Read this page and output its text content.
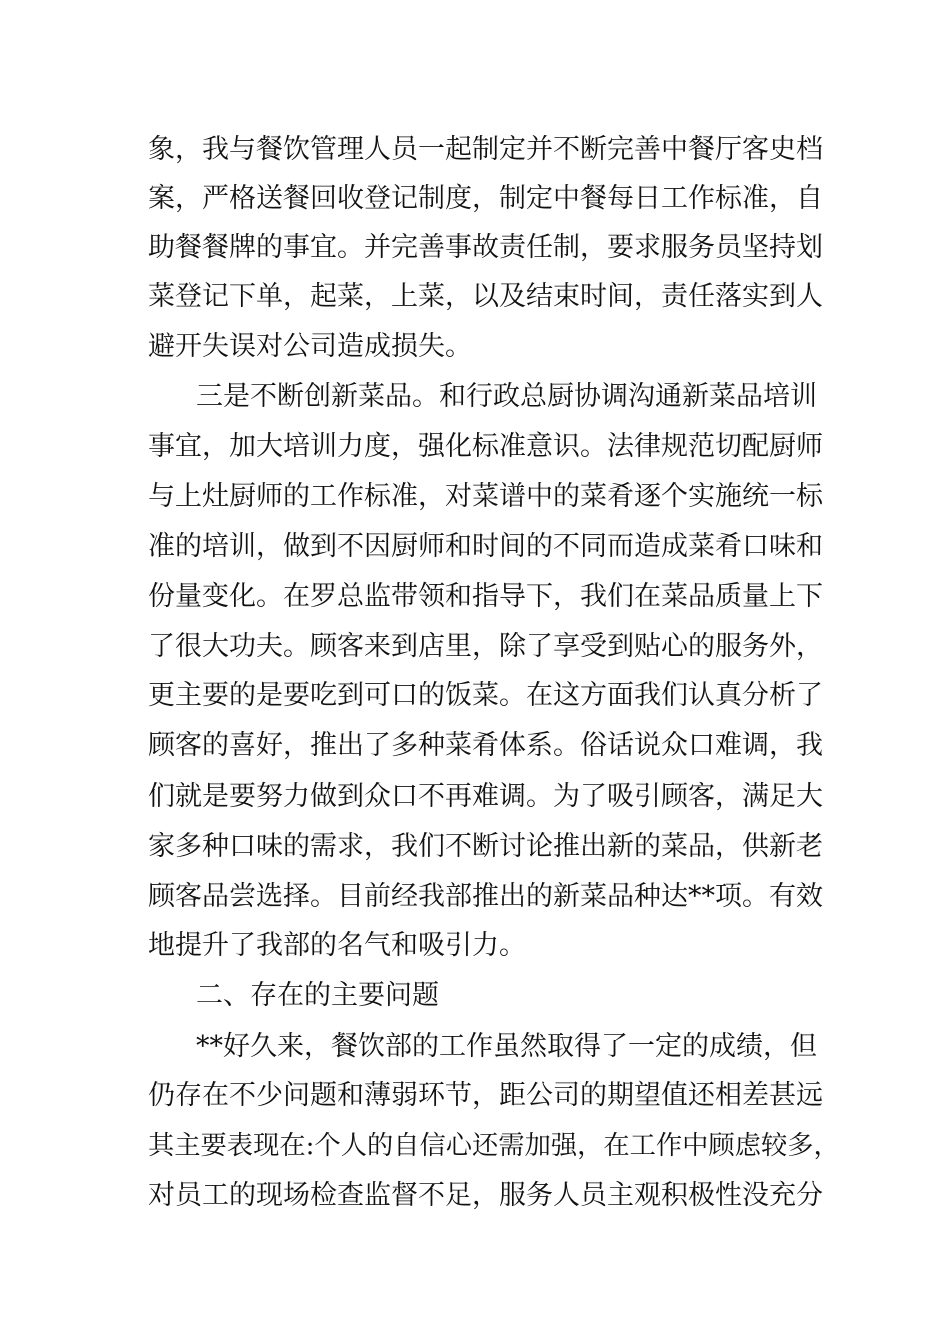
象，我与餐饮管理人员一起制定并不断完善中餐厅客史档

案，严格送餐回收登记制度，制定中餐每日工作标准，自

助餐餐牌的事宜。并完善事故责任制，要求服务员坚持划

菜登记下单，起菜，上菜，以及结束时间，责任落实到人

避开失误对公司造成损失。

三是不断创新菜品。和行政总厨协调沟通新菜品培训

事宜，加大培训力度，强化标准意识。法律规范切配厨师

与上灶厨师的工作标准，对菜谱中的菜肴逐个实施统一标

准的培训，做到不因厨师和时间的不同而造成菜肴口味和

份量变化。在罗总监带领和指导下，我们在菜品质量上下

了很大功夫。顾客来到店里，除了享受到贴心的服务外，

更主要的是要吃到可口的饭菜。在这方面我们认真分析了

顾客的喜好，推出了多种菜肴体系。俗话说众口难调，我

们就是要努力做到众口不再难调。为了吸引顾客，满足大

家多种口味的需求，我们不断讨论推出新的菜品，供新老

顾客品尝选择。目前经我部推出的新菜品种达**项。有效

地提升了我部的名气和吸引力。

二、存在的主要问题

**好久来，餐饮部的工作虽然取得了一定的成绩，但

仍存在不少问题和薄弱环节，距公司的期望值还相差甚远

其主要表现在:个人的自信心还需加强，在工作中顾虑较多，

对员工的现场检查监督不足，服务人员主观积极性没充分
